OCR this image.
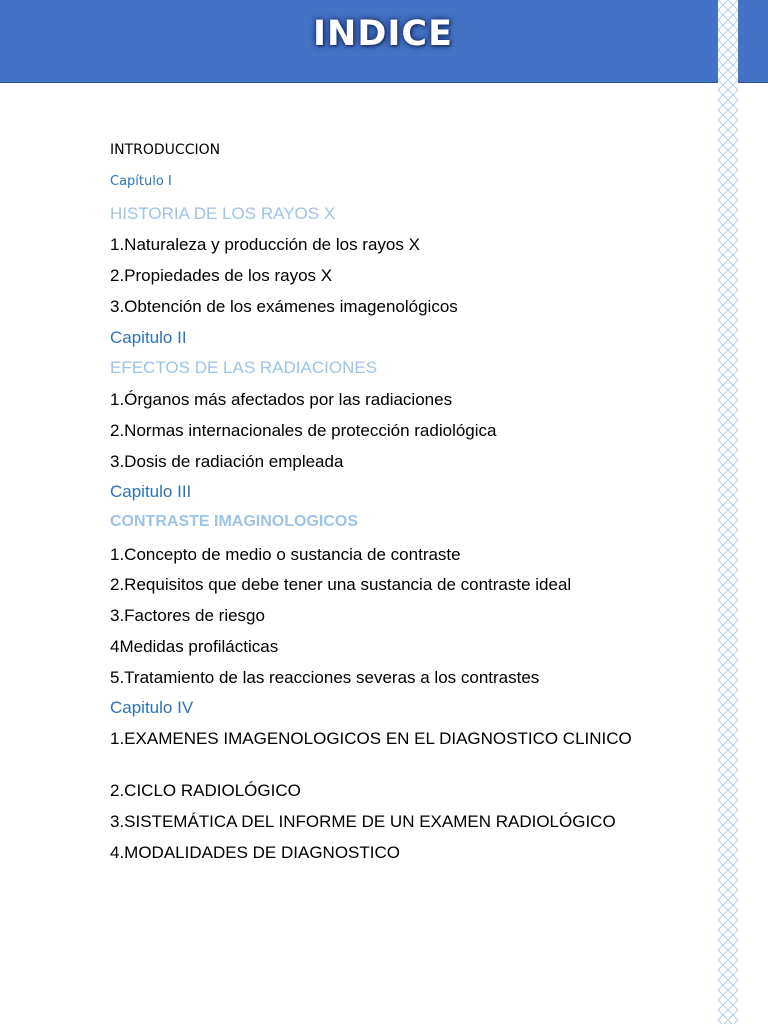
INDICE
INTRODUCCION
Capítulo I
HISTORIA DE LOS RAYOS X
1.Naturaleza y producción de los rayos X
2.Propiedades de los rayos X
3.Obtención de los exámenes imagenológicos
Capitulo II
EFECTOS DE LAS RADIACIONES
1.Órganos más afectados por las radiaciones
2.Normas internacionales de protección radiológica
3.Dosis de radiación empleada
Capitulo III
CONTRASTE IMAGINOLOGICOS
1.Concepto de medio o sustancia de contraste
2.Requisitos que debe tener una sustancia de contraste ideal
3.Factores de riesgo
4Medidas profilácticas
5.Tratamiento de las reacciones severas a los contrastes
Capitulo IV
1.EXAMENES IMAGENOLOGICOS EN EL DIAGNOSTICO CLINICO
2.CICLO RADIOLÓGICO
3.SISTEMÁTICA DEL INFORME DE UN EXAMEN RADIOLÓGICO
4.MODALIDADES DE DIAGNOSTICO
